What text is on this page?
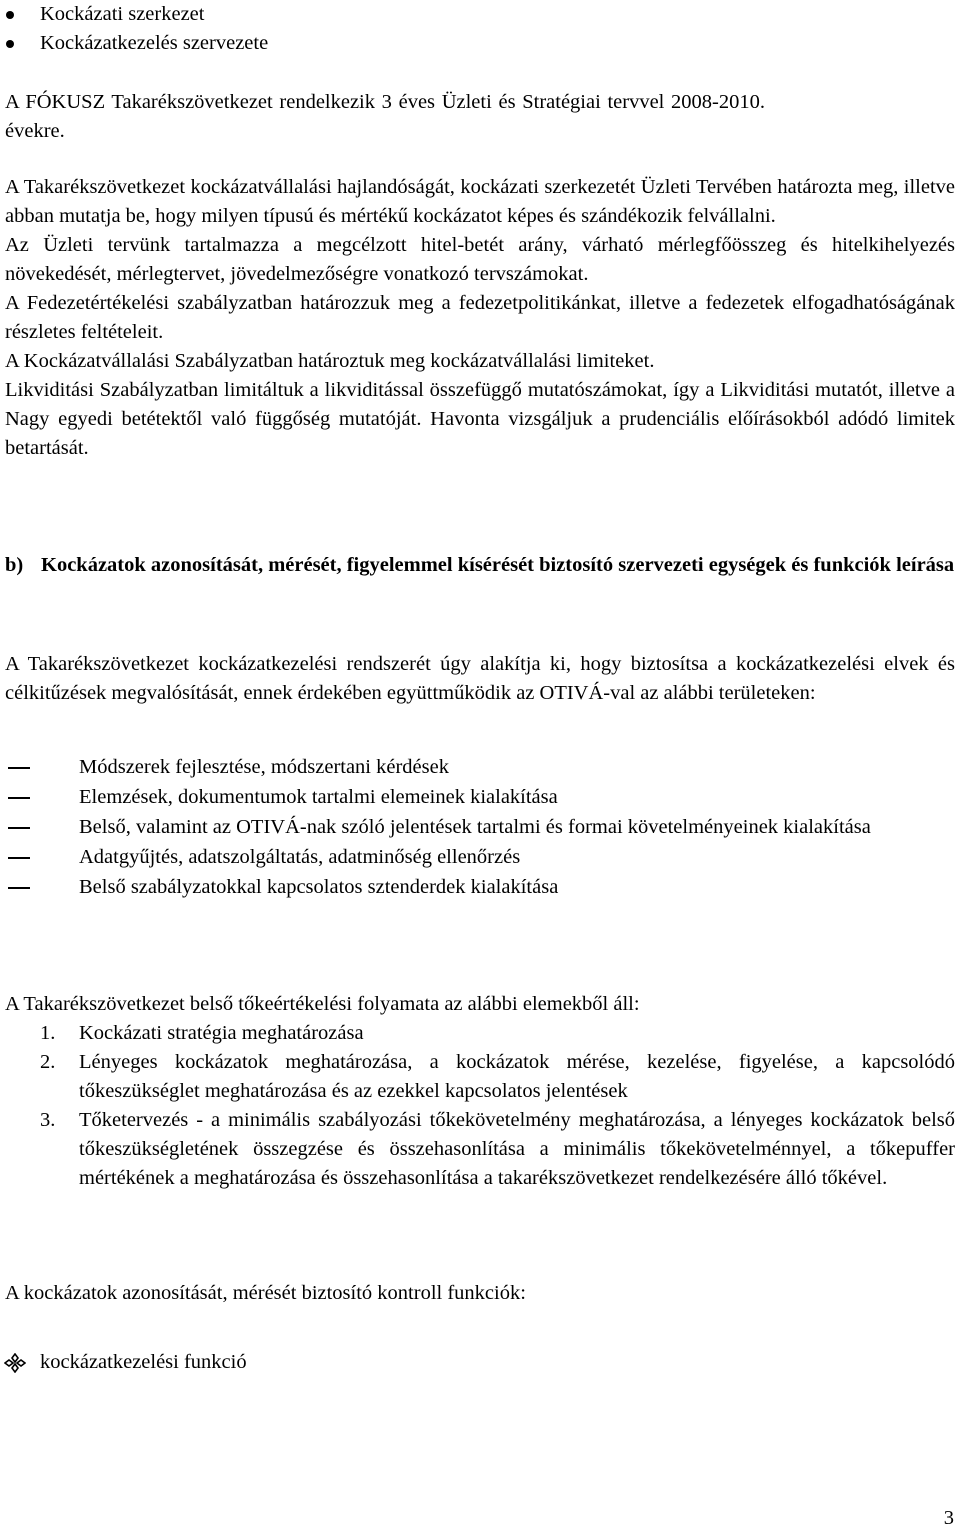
Kockázati szerkezet
Kockázatkezelés szervezete

A FÓKUSZ Takarékszövetkezet rendelkezik 3 éves Üzleti és Stratégiai tervvel 2008-2010. évekre.

A Takarékszövetkezet kockázatvállalási hajlandóságát, kockázati szerkezetét Üzleti Tervében határozta meg, illetve abban mutatja be, hogy milyen típusú és mértékű kockázatot képes és szándékozik felvállalni.

Az Üzleti tervünk tartalmazza a megcélzott hitel-betét arány, várható mérlegfőösszeg és hitelkihelyezés növekedését, mérlegtervet, jövedelmezőségre vonatkozó tervszámokat.

A Fedezetértékelési szabályzatban határozzuk meg a fedezetpolitikánkat, illetve a fedezetek elfogadhatóságának részletes feltételeit.

A Kockázatvállalási Szabályzatban határoztuk meg kockázatvállalási limiteket.

Likviditási Szabályzatban limitáltuk a likviditással összefüggő mutatószámokat, így a Likviditási mutatót, illetve a Nagy egyedi betétektől való függőség mutatóját. Havonta vizsgáljuk a prudenciális előírásokból adódó limitek betartását.

b) Kockázatok azonosítását, mérését, figyelemmel kísérését biztosító szervezeti egységek és funkciók leírása

A Takarékszövetkezet kockázatkezelési rendszerét úgy alakítja ki, hogy biztosítsa a kockázatkezelési elvek és célkitűzések megvalósítását, ennek érdekében együttműködik az OTIVÁ-val az alábbi területeken:

Módszerek fejlesztése, módszertani kérdések
Elemzések, dokumentumok tartalmi elemeinek kialakítása
Belső, valamint az OTIVÁ-nak szóló jelentések tartalmi és formai követelményeinek kialakítása
Adatgyűjtés, adatszolgáltatás, adatminőség ellenőrzés
Belső szabályzatokkal kapcsolatos sztenderdek kialakítása

A Takarékszövetkezet belső tőkeértékelési folyamata az alábbi elemekből áll:

1. Kockázati stratégia meghatározása
2. Lényeges kockázatok meghatározása, a kockázatok mérése, kezelése, figyelése, a kapcsolódó tőkeszükséglet meghatározása és az ezekkel kapcsolatos jelentések
3. Tőketervezés - a minimális szabályozási tőkekövetelmény meghatározása, a lényeges kockázatok belső tőkeszükségletének összegzése és összehasonlítása a minimális tőkekövetelménnyel, a tőkepuffer mértékének a meghatározása és összehasonlítása a takarékszövetkezet rendelkezésére álló tőkével.

A kockázatok azonosítását, mérését biztosító kontroll funkciók:

kockázatkezelési funkció
3
